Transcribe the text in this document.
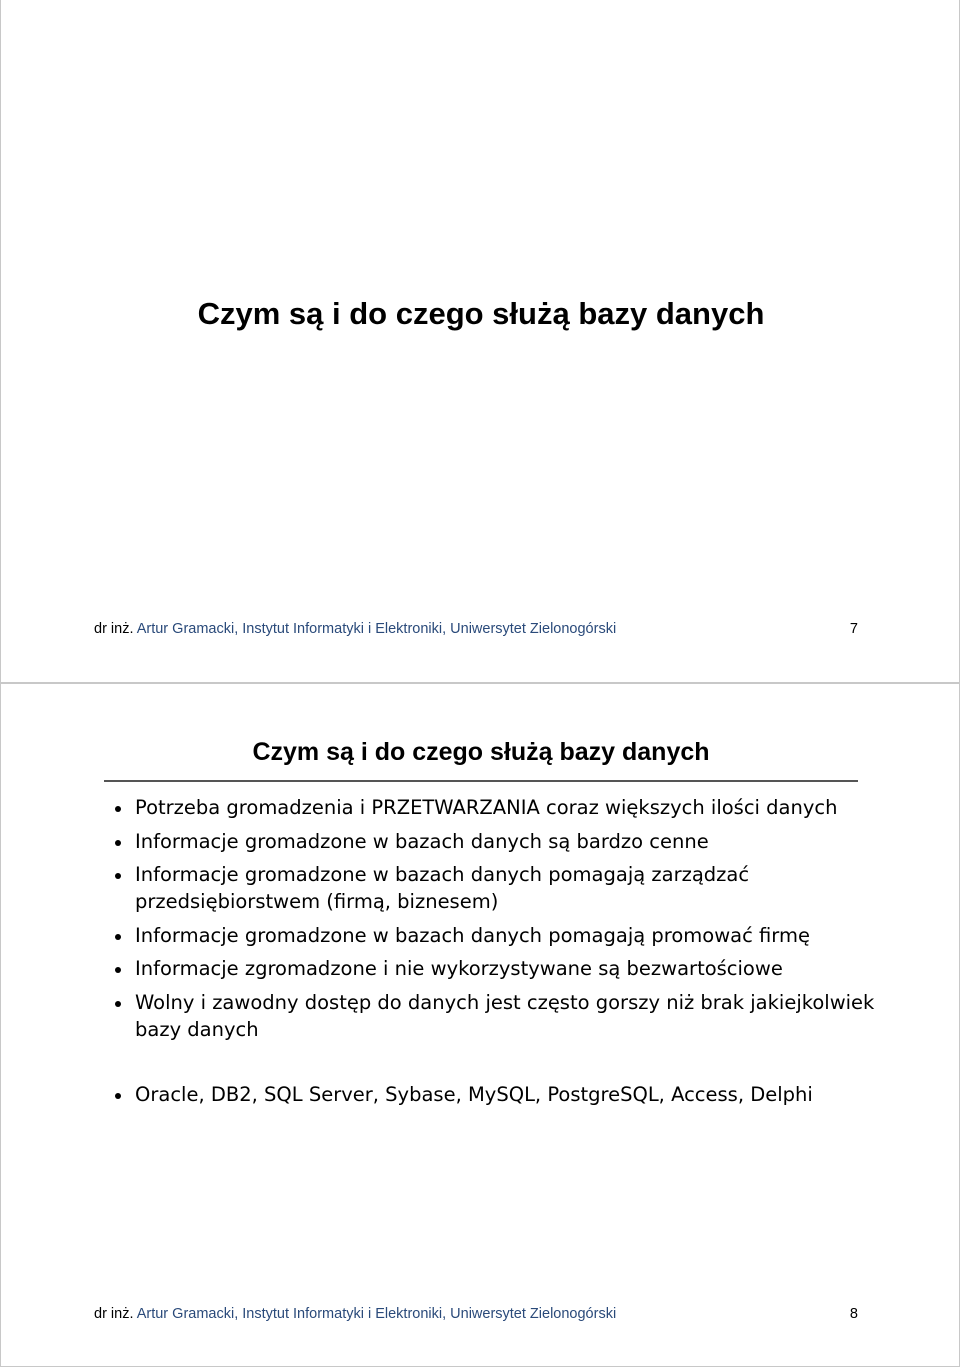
Czym są i do czego służą bazy danych
dr inż. Artur Gramacki, Instytut Informatyki i Elektroniki, Uniwersytet Zielonogórski	7
Czym są i do czego służą bazy danych
Potrzeba gromadzenia i PRZETWARZANIA coraz większych ilości danych
Informacje gromadzone w bazach danych są bardzo cenne
Informacje gromadzone w bazach danych pomagają zarządzać przedsiębiorstwem (firmą, biznesem)
Informacje gromadzone w bazach danych pomagają promować firmę
Informacje zgromadzone i nie wykorzystywane są bezwartościowe
Wolny i zawodny dostęp do danych jest często gorszy niż brak jakiejkolwiek bazy danych
Oracle, DB2, SQL Server, Sybase, MySQL, PostgreSQL, Access, Delphi
dr inż. Artur Gramacki, Instytut Informatyki i Elektroniki, Uniwersytet Zielonogórski	8
